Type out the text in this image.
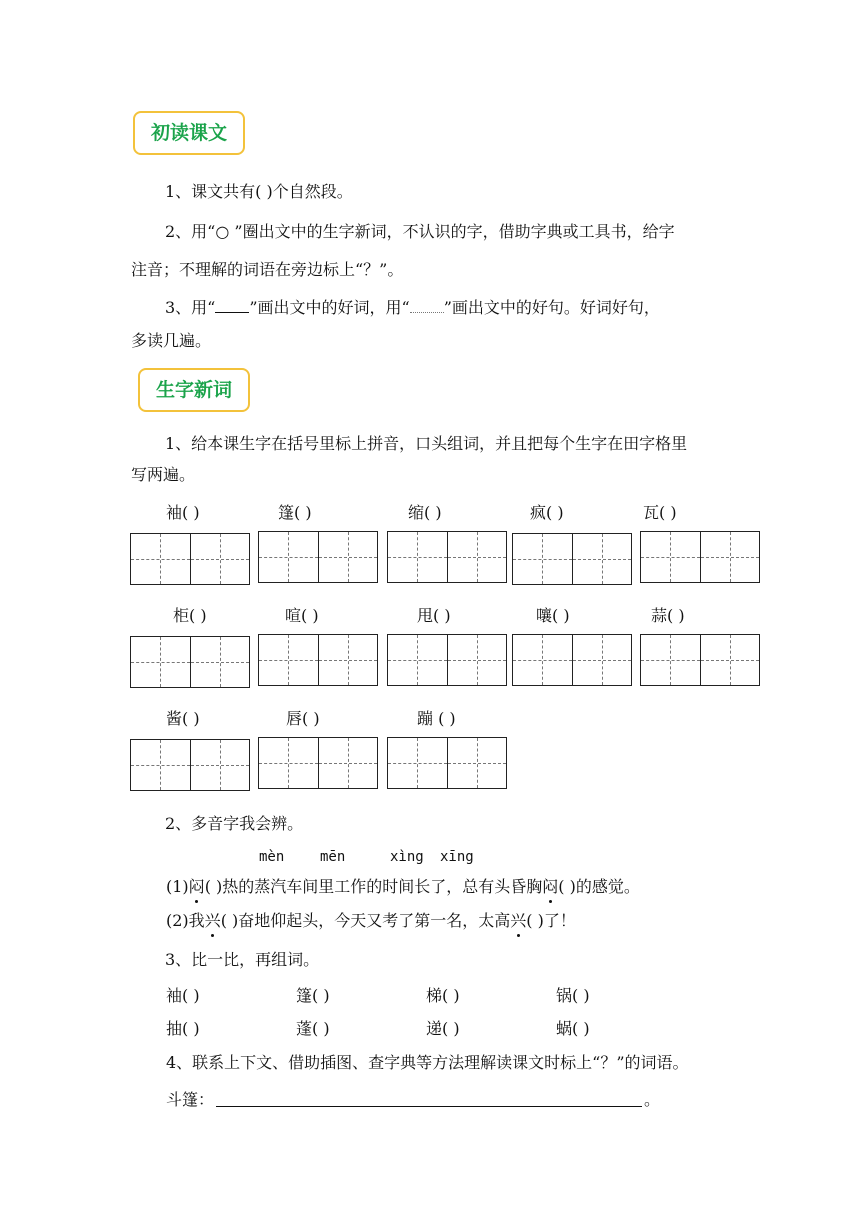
初读课文
1、课文共有( )个自然段。
2、用“○ ”圈出文中的生字新词，不认识的字，借助字典或工具书，给字
注音；不理解的词语在旁边标上“？”。
3、用“ ”画出文中的好词，用“ ”画出文中的好句。好词好句，
多读几遍。
生字新词
1、给本课生字在括号里标上拼音，口头组词，并且把每个生字在田字格里
写两遍。
袖( )	篷( )	缩( )	疯( )	瓦( )
柜( )	喧( )	甩( )	嚷( )	蒜( )
酱( )	唇( )	蹦 ( )
2、多音字我会辨。
mèn	mēn	xìng xīng
(1)闷( )热的蒸汽车间里工作的时间长了，总有头昏胸闷( )的感觉。
(2)我兴( )奋地仰起头，今天又考了第一名，太高兴( )了！
3、比一比，再组词。
袖( )	篷( )	梯( )	锅( )
抽( )	蓬( )	递( )	蜗( )
4、联系上下文、借助插图、查字典等方法理解读课文时标上“？”的词语。
斗篷：	。
